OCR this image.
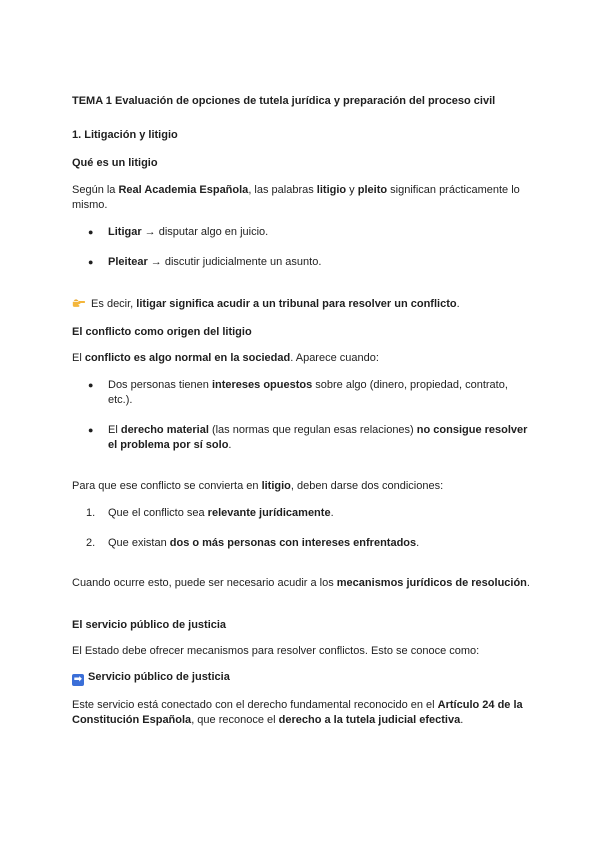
TEMA 1 Evaluación de opciones de tutela jurídica y preparación del proceso civil

1. Litigación y litigio

Qué es un litigio

Según la Real Academia Española, las palabras litigio y pleito significan prácticamente lo mismo.

● Litigar → disputar algo en juicio.
● Pleitear → discutir judicialmente un asunto.

Es decir, litigar significa acudir a un tribunal para resolver un conflicto.

El conflicto como origen del litigio

El conflicto es algo normal en la sociedad. Aparece cuando:

● Dos personas tienen intereses opuestos sobre algo (dinero, propiedad, contrato, etc.).
● El derecho material (las normas que regulan esas relaciones) no consigue resolver el problema por sí solo.

Para que ese conflicto se convierta en litigio, deben darse dos condiciones:

1. Que el conflicto sea relevante jurídicamente.
2. Que existan dos o más personas con intereses enfrentados.

Cuando ocurre esto, puede ser necesario acudir a los mecanismos jurídicos de resolución.

El servicio público de justicia

El Estado debe ofrecer mecanismos para resolver conflictos. Esto se conoce como:

➡ Servicio público de justicia

Este servicio está conectado con el derecho fundamental reconocido en el Artículo 24 de la Constitución Española, que reconoce el derecho a la tutela judicial efectiva.
